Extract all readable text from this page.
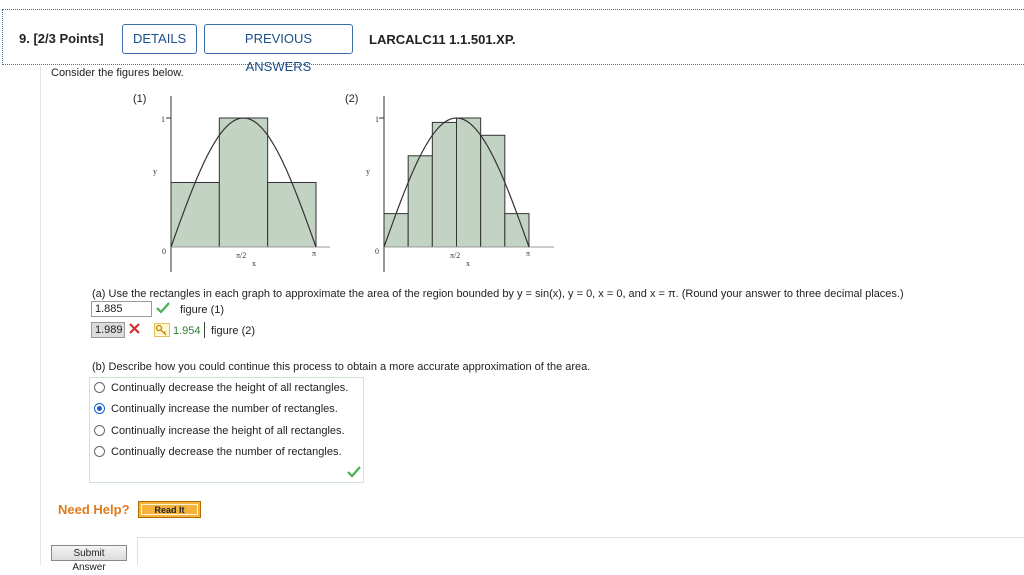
9. [2/3 Points]	DETAILS	PREVIOUS ANSWERS
LARCALC11 1.1.501.XP.
Consider the figures below.
(1)
1
y
0	π/2	π
x
(2)
1
y
0	π/2	π
x
(a) Use the rectangles in each graph to approximate the area of the region bounded by y = sin(x), y = 0, x = 0, and x = π. (Round your answer to three decimal places.)
1.885	figure (1)
1.989	1.954 figure (2)
(b) Describe how you could continue this process to obtain a more accurate approximation of the area.
Continually decrease the height of all rectangles.
Continually increase the number of rectangles.
Continually increase the height of all rectangles.
Continually decrease the number of rectangles.
Need Help?	Read It
Submit Answer
